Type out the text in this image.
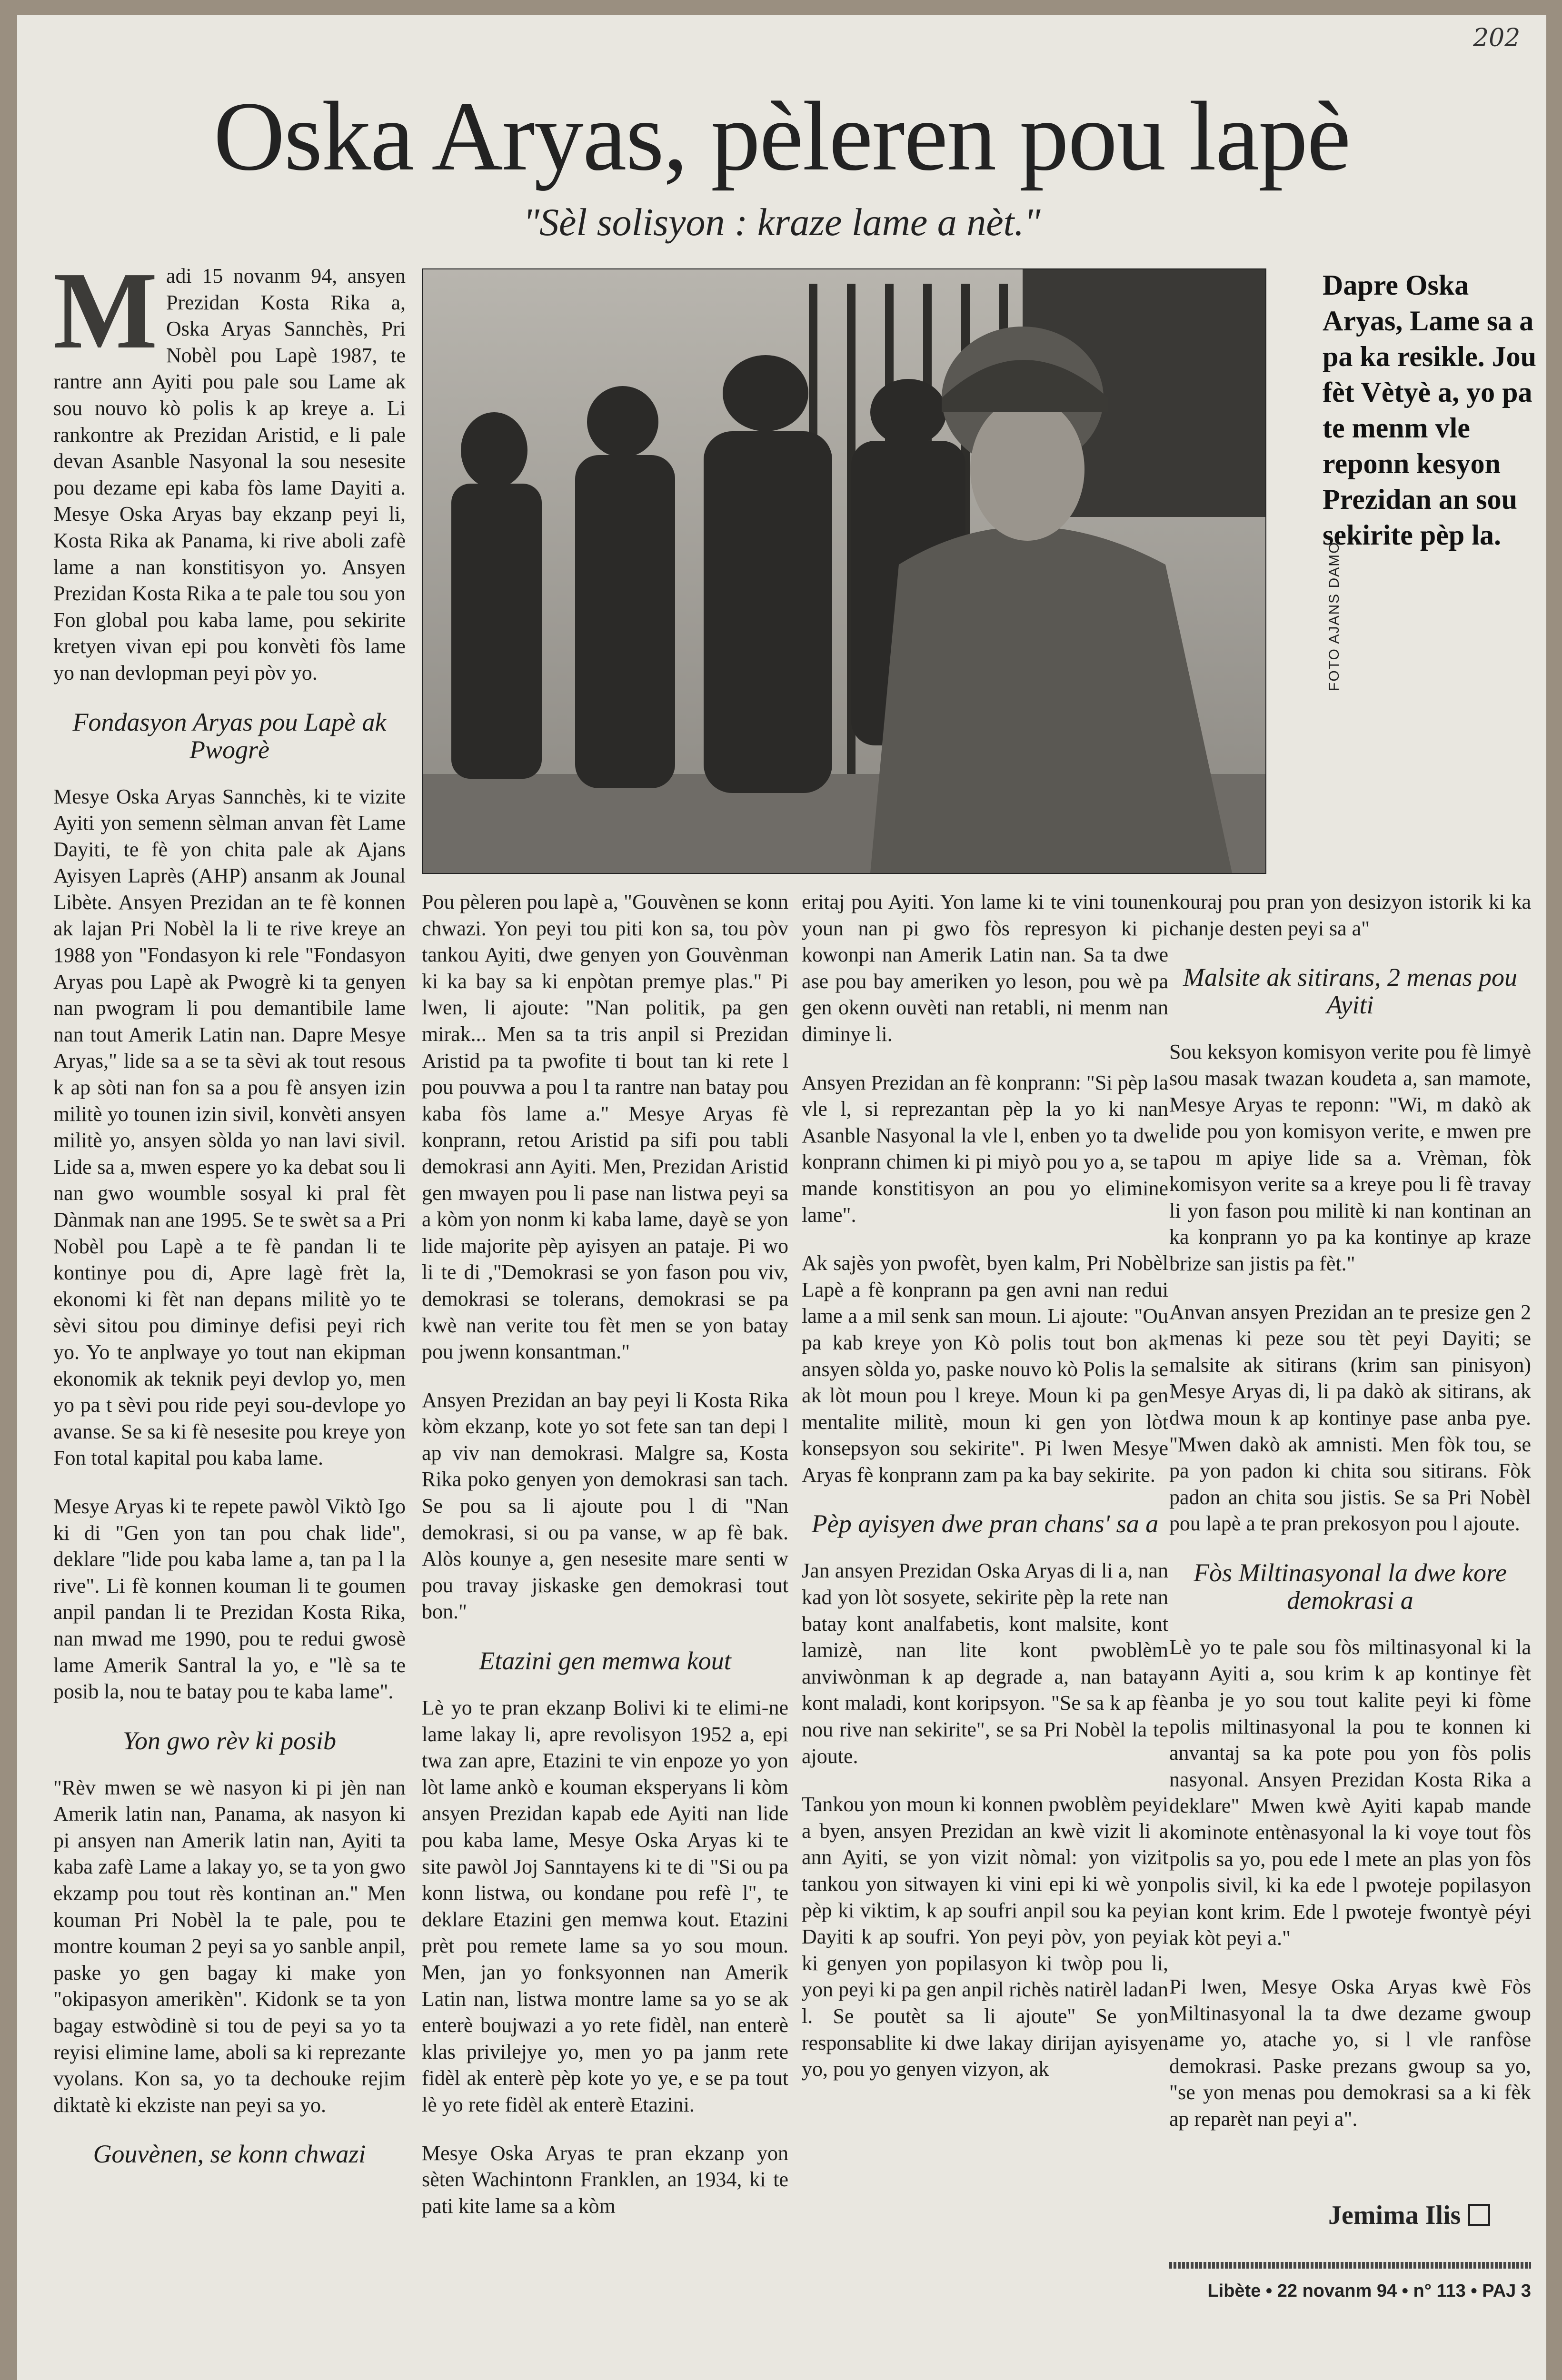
202
Oska Aryas, pèleren pou lapè
"Sèl solisyon : kraze lame a nèt."

Madi 15 novanm 94, ansyen Prezidan Kosta Rika a, Oska Aryas Sannchès, Pri Nobèl pou Lapè 1987, te rantre ann Ayiti pou pale sou Lame ak sou nouvo kò polis k ap kreye a. Li rankontre ak Prezidan Aristid, e li pale devan Asanble Nasyonal la sou nesesite pou dezame epi kaba fòs lame Dayiti a. Mesye Oska Aryas bay ekzanp peyi li, Kosta Rika ak Panama, ki rive aboli zafè lame a nan konstitisyon yo. Ansyen Prezidan Kosta Rika a te pale tou sou yon Fon global pou kaba lame, pou sekirite kretyen vivan epi pou konvèti fòs lame yo nan devlopman peyi pòv yo.

Fondasyon Aryas pou Lapè ak Pwogrè

Mesye Oska Aryas Sannchès, ki te vizite Ayiti yon semenn sèlman anvan fèt Lame Dayiti, te fè yon chita pale ak Ajans Ayisyen Laprès (AHP) ansanm ak Jounal Libète. Ansyen Prezidan an te fè konnen ak lajan Pri Nobèl la li te rive kreye an 1988 yon "Fondasyon ki rele "Fondasyon Aryas pou Lapè ak Pwogrè ki ta genyen nan pwogram li pou demantibile lame nan tout Amerik Latin nan. Dapre Mesye Aryas," lide sa a se ta sèvi ak tout resous k ap sòti nan fon sa a pou fè ansyen izin militè yo tounen izin sivil, konvèti ansyen militè yo, ansyen sòlda yo nan lavi sivil. Lide sa a, mwen espere yo ka debat sou li nan gwo woumble sosyal ki pral fèt Dànmak nan ane 1995. Se te swèt sa a Pri Nobèl pou Lapè a te fè pandan li te kontinye pou di, Apre lagè frèt la, ekonomi ki fèt nan depans militè yo te sèvi sitou pou diminye defisi peyi rich yo. Yo te anplwaye yo tout nan ekipman ekonomik ak teknik peyi devlop yo, men yo pa t sèvi pou ride peyi sou-devlope yo avanse. Se sa ki fè nesesite pou kreye yon Fon total kapital pou kaba lame.

Mesye Aryas ki te repete pawòl Viktò Igo ki di "Gen yon tan pou chak lide", deklare "lide pou kaba lame a, tan pa l la rive". Li fè konnen kouman li te goumen anpil pandan li te Prezidan Kosta Rika, nan mwad me 1990, pou te redui gwosè lame Amerik Santral la yo, e "lè sa te posib la, nou te batay pou te kaba lame".

Yon gwo rèv ki posib

"Rèv mwen se wè nasyon ki pi jèn nan Amerik latin nan, Panama, ak nasyon ki pi ansyen nan Amerik latin nan, Ayiti ta kaba zafè Lame a lakay yo, se ta yon gwo ekzamp pou tout rès kontinan an." Men kouman Pri Nobèl la te pale, pou te montre kouman 2 peyi sa yo sanble anpil, paske yo gen bagay ki make yon "okipasyon amerikèn". Kidonk se ta yon bagay estwòdinè si tou de peyi sa yo ta reyisi elimine lame, aboli sa ki reprezante vyolans. Kon sa, yo ta dechouke rejim diktatè ki ekziste nan peyi sa yo.

Gouvènen, se konn chwazi
FOTO AJANS DAMO
Dapre Oska Aryas, Lame sa a pa ka resikle. Jou fèt Vètyè a, yo pa te menm vle reponn kesyon Prezidan an sou sekirite pèp la.

Pou pèleren pou lapè a, "Gouvènen se konn chwazi. Yon peyi tou piti kon sa, tou pòv tankou Ayiti, dwe genyen yon Gouvènman ki ka bay sa ki enpòtan premye plas." Pi lwen, li ajoute: "Nan politik, pa gen mirak... Men sa ta tris anpil si Prezidan Aristid pa ta pwofite ti bout tan ki rete l pou pouvwa a pou l ta rantre nan batay pou kaba fòs lame a." Mesye Aryas fè konprann, retou Aristid pa sifi pou tabli demokrasi ann Ayiti. Men, Prezidan Aristid gen mwayen pou li pase nan listwa peyi sa a kòm yon nonm ki kaba lame, dayè se yon lide majorite pèp ayisyen an pataje. Pi wo li te di ,"Demokrasi se yon fason pou viv, demokrasi se tolerans, demokrasi se pa kwè nan verite tou fèt men se yon batay pou jwenn konsantman."

Ansyen Prezidan an bay peyi li Kosta Rika kòm ekzanp, kote yo sot fete san tan depi l ap viv nan demokrasi. Malgre sa, Kosta Rika poko genyen yon demokrasi san tach. Se pou sa li ajoute pou l di "Nan demokrasi, si ou pa vanse, w ap fè bak. Alòs kounye a, gen nesesite mare senti w pou travay jiskaske gen demokrasi tout bon."

Etazini gen memwa kout

Lè yo te pran ekzanp Bolivi ki te elimi-ne lame lakay li, apre revolisyon 1952 a, epi twa zan apre, Etazini te vin enpoze yo yon lòt lame ankò e kouman eksperyans li kòm ansyen Prezidan kapab ede Ayiti nan lide pou kaba lame, Mesye Oska Aryas ki te site pawòl Joj Sanntayens ki te di "Si ou pa konn listwa, ou kondane pou refè l", te deklare Etazini gen memwa kout. Etazini prèt pou remete lame sa yo sou moun. Men, jan yo fonksyonnen nan Amerik Latin nan, listwa montre lame sa yo se ak enterè boujwazi a yo rete fidèl, nan enterè klas privilejye yo, men yo pa janm rete fidèl ak enterè pèp kote yo ye, e se pa tout lè yo rete fidèl ak enterè Etazini.

Mesye Oska Aryas te pran ekzanp yon sèten Wachintonn Franklen, an 1934, ki te pati kite lame sa a kòm

eritaj pou Ayiti. Yon lame ki te vini tounen youn nan pi gwo fòs represyon ki pi kowonpi nan Amerik Latin nan. Sa ta dwe ase pou bay ameriken yo leson, pou wè pa gen okenn ouvèti nan retabli, ni menm nan diminye li.

Ansyen Prezidan an fè konprann: "Si pèp la vle l, si reprezantan pèp la yo ki nan Asanble Nasyonal la vle l, enben yo ta dwe konprann chimen ki pi miyò pou yo a, se ta mande konstitisyon an pou yo elimine lame".

Ak sajès yon pwofèt, byen kalm, Pri Nobèl Lapè a fè konprann pa gen avni nan redui lame a a mil senk san moun. Li ajoute: "Ou pa kab kreye yon Kò polis tout bon ak ansyen sòlda yo, paske nouvo kò Polis la se ak lòt moun pou l kreye. Moun ki pa gen mentalite militè, moun ki gen yon lòt konsepsyon sou sekirite". Pi lwen Mesye Aryas fè konprann zam pa ka bay sekirite.

Pèp ayisyen dwe pran chans' sa a

Jan ansyen Prezidan Oska Aryas di li a, nan kad yon lòt sosyete, sekirite pèp la rete nan batay kont analfabetis, kont malsite, kont lamizè, nan lite kont pwoblèm anviwònman k ap degrade a, nan batay kont maladi, kont koripsyon. "Se sa k ap fè nou rive nan sekirite", se sa Pri Nobèl la te ajoute.

Tankou yon moun ki konnen pwoblèm peyi a byen, ansyen Prezidan an kwè vizit li a ann Ayiti, se yon vizit nòmal: yon vizit tankou yon sitwayen ki vini epi ki wè yon pèp ki viktim, k ap soufri anpil sou ka peyi Dayiti k ap soufri. Yon peyi pòv, yon peyi ki genyen yon popilasyon ki twòp pou li, yon peyi ki pa gen anpil richès natirèl ladan l. Se poutèt sa li ajoute" Se yon responsablite ki dwe lakay dirijan ayisyen yo, pou yo genyen vizyon, ak

kouraj pou pran yon desizyon istorik ki ka chanje desten peyi sa a"

Malsite ak sitirans, 2 menas pou Ayiti

Sou keksyon komisyon verite pou fè limyè sou masak twazan koudeta a, san mamote, Mesye Aryas te reponn: "Wi, m dakò ak lide pou yon komisyon verite, e mwen pre pou m apiye lide sa a. Vrèman, fòk komisyon verite sa a kreye pou li fè travay li yon fason pou militè ki nan kontinan an ka konprann yo pa ka kontinye ap kraze brize san jistis pa fèt."

Anvan ansyen Prezidan an te presize gen 2 menas ki peze sou tèt peyi Dayiti; se malsite ak sitirans (krim san pinisyon) Mesye Aryas di, li pa dakò ak sitirans, ak dwa moun k ap kontinye pase anba pye. "Mwen dakò ak amnisti. Men fòk tou, se pa yon padon ki chita sou sitirans. Fòk padon an chita sou jistis. Se sa Pri Nobèl pou lapè a te pran prekosyon pou l ajoute.

Fòs Miltinasyonal la dwe kore demokrasi a

Lè yo te pale sou fòs miltinasyonal ki la ann Ayiti a, sou krim k ap kontinye fèt anba je yo sou tout kalite peyi ki fòme polis miltinasyonal la pou te konnen ki anvantaj sa ka pote pou yon fòs polis nasyonal. Ansyen Prezidan Kosta Rika a deklare" Mwen kwè Ayiti kapab mande kominote entènasyonal la ki voye tout fòs polis sa yo, pou ede l mete an plas yon fòs polis sivil, ki ka ede l pwoteje popilasyon an kont krim. Ede l pwoteje fwontyè péyi ak kòt peyi a."

Pi lwen, Mesye Oska Aryas kwè Fòs Miltinasyonal la ta dwe dezame gwoup ame yo, atache yo, si l vle ranfòse demokrasi. Paske prezans gwoup sa yo, "se yon menas pou demokrasi sa a ki fèk ap reparèt nan peyi a".

Jemima Ilis
Libète • 22 novanm 94 • n° 113 • PAJ 3
